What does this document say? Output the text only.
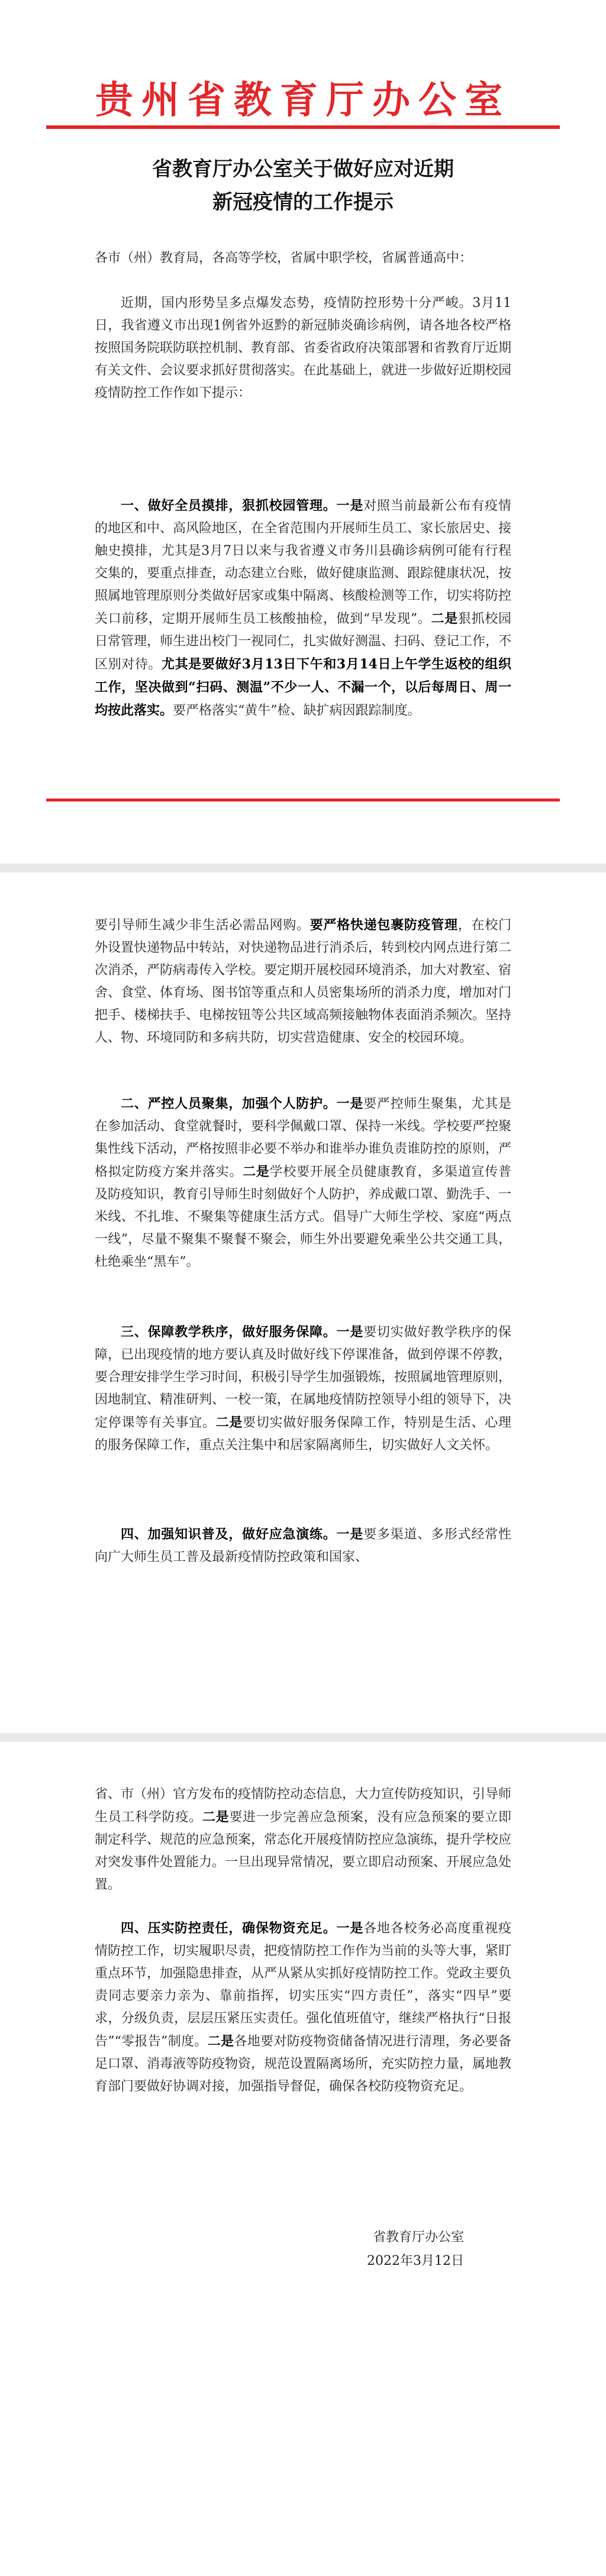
贵州省教育厅办公室
省教育厅办公室关于做好应对近期
新冠疫情的工作提示
各市（州）教育局，各高等学校，省属中职学校，省属普通高中：
近期，国内形势呈多点爆发态势，疫情防控形势十分严峻。3月11日，我省遵义市出现1例省外返黔的新冠肺炎确诊病例，请各地各校严格按照国务院联防联控机制、教育部、省委省政府决策部署和省教育厅近期有关文件、会议要求抓好贯彻落实。在此基础上，就进一步做好近期校园疫情防控工作作如下提示：
一、做好全员摸排，狠抓校园管理。一是对照当前最新公布有疫情的地区和中、高风险地区，在全省范围内开展师生员工、家长旅居史、接触史摸排，尤其是3月7日以来与我省遵义市务川县确诊病例可能有行程交集的，要重点排查，动态建立台账，做好健康监测、跟踪健康状况，按照属地管理原则分类做好居家或集中隔离、核酸检测等工作，切实将防控关口前移，定期开展师生员工核酸抽检，做到“早发现”。二是狠抓校园日常管理，师生进出校门一视同仁，扎实做好测温、扫码、登记工作，不区别对待。尤其是要做好3月13日下午和3月14日上午学生返校的组织工作，坚决做到“扫码、测温”不少一人、不漏一个，以后每周日、周一均按此落实。要严格落实“黄牛”检、缺扩病因跟踪制度。
要引导师生减少非生活必需品网购。要严格快递包裹防疫管理，在校门外设置快递物品中转站，对快递物品进行消杀后，转到校内网点进行第二次消杀，严防病毒传入学校。要定期开展校园环境消杀，加大对教室、宿舍、食堂、体育场、图书馆等重点和人员密集场所的消杀力度，增加对门把手、楼梯扶手、电梯按钮等公共区域高频接触物体表面消杀频次。坚持人、物、环境同防和多病共防，切实营造健康、安全的校园环境。
二、严控人员聚集，加强个人防护。一是要严控师生聚集，尤其是在参加活动、食堂就餐时，要科学佩戴口罩、保持一米线。学校要严控聚集性线下活动，严格按照非必要不举办和谁举办谁负责谁防控的原则，严格拟定防疫方案并落实。二是学校要开展全员健康教育，多渠道宣传普及防疫知识，教育引导师生时刻做好个人防护，养成戴口罩、勤洗手、一米线、不扎堆、不聚集等健康生活方式。倡导广大师生学校、家庭“两点一线”，尽量不聚集不聚餐不聚会，师生外出要避免乘坐公共交通工具，杜绝乘坐“黑车”。
三、保障教学秩序，做好服务保障。一是要切实做好教学秩序的保障，已出现疫情的地方要认真及时做好线下停课准备，做到停课不停教，要合理安排学生学习时间，积极引导学生加强锻炼，按照属地管理原则，因地制宜、精准研判、一校一策，在属地疫情防控领导小组的领导下，决定停课等有关事宜。二是要切实做好服务保障工作，特别是生活、心理的服务保障工作，重点关注集中和居家隔离师生，切实做好人文关怀。
四、加强知识普及，做好应急演练。一是要多渠道、多形式经常性向广大师生员工普及最新疫情防控政策和国家、
省、市（州）官方发布的疫情防控动态信息，大力宣传防疫知识，引导师生员工科学防疫。二是要进一步完善应急预案，没有应急预案的要立即制定科学、规范的应急预案，常态化开展疫情防控应急演练，提升学校应对突发事件处置能力。一旦出现异常情况，要立即启动预案、开展应急处置。
四、压实防控责任，确保物资充足。一是各地各校务必高度重视疫情防控工作，切实履职尽责，把疫情防控工作作为当前的头等大事，紧盯重点环节，加强隐患排查，从严从紧从实抓好疫情防控工作。党政主要负责同志要亲力亲为、靠前指挥，切实压实“四方责任”，落实“四早”要求，分级负责，层层压紧压实责任。强化值班值守，继续严格执行“日报告”“零报告”制度。二是各地要对防疫物资储备情况进行清理，务必要备足口罩、消毒液等防疫物资，规范设置隔离场所，充实防控力量，属地教育部门要做好协调对接，加强指导督促，确保各校防疫物资充足。
省教育厅办公室
2022年3月12日
